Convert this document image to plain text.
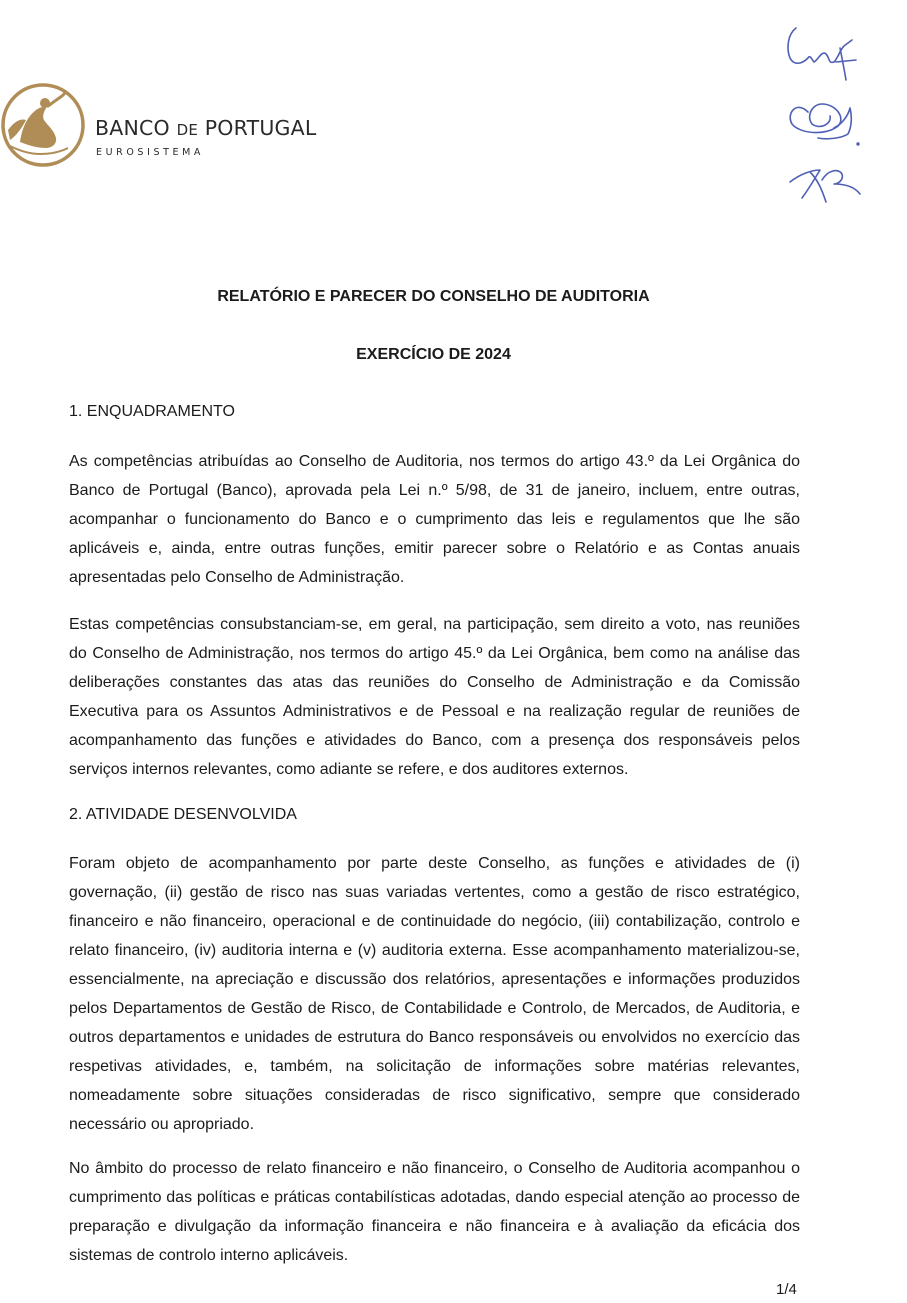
BANCO DE PORTUGAL
EUROSISTEMA
RELATÓRIO E PARECER DO CONSELHO DE AUDITORIA
EXERCÍCIO DE 2024
1. ENQUADRAMENTO

As competências atribuídas ao Conselho de Auditoria, nos termos do artigo 43.º da Lei Orgânica do Banco de Portugal (Banco), aprovada pela Lei n.º 5/98, de 31 de janeiro, incluem, entre outras, acompanhar o funcionamento do Banco e o cumprimento das leis e regulamentos que lhe são aplicáveis e, ainda, entre outras funções, emitir parecer sobre o Relatório e as Contas anuais apresentadas pelo Conselho de Administração.

Estas competências consubstanciam-se, em geral, na participação, sem direito a voto, nas reuniões do Conselho de Administração, nos termos do artigo 45.º da Lei Orgânica, bem como na análise das deliberações constantes das atas das reuniões do Conselho de Administração e da Comissão Executiva para os Assuntos Administrativos e de Pessoal e na realização regular de reuniões de acompanhamento das funções e atividades do Banco, com a presença dos responsáveis pelos serviços internos relevantes, como adiante se refere, e dos auditores externos.

2. ATIVIDADE DESENVOLVIDA

Foram objeto de acompanhamento por parte deste Conselho, as funções e atividades de (i) governação, (ii) gestão de risco nas suas variadas vertentes, como a gestão de risco estratégico, financeiro e não financeiro, operacional e de continuidade do negócio, (iii) contabilização, controlo e relato financeiro, (iv) auditoria interna e (v) auditoria externa. Esse acompanhamento materializou-se, essencialmente, na apreciação e discussão dos relatórios, apresentações e informações produzidos pelos Departamentos de Gestão de Risco, de Contabilidade e Controlo, de Mercados, de Auditoria, e outros departamentos e unidades de estrutura do Banco responsáveis ou envolvidos no exercício das respetivas atividades, e, também, na solicitação de informações sobre matérias relevantes, nomeadamente sobre situações consideradas de risco significativo, sempre que considerado necessário ou apropriado.

No âmbito do processo de relato financeiro e não financeiro, o Conselho de Auditoria acompanhou o cumprimento das políticas e práticas contabilísticas adotadas, dando especial atenção ao processo de preparação e divulgação da informação financeira e não financeira e à avaliação da eficácia dos sistemas de controlo interno aplicáveis.

1/4
